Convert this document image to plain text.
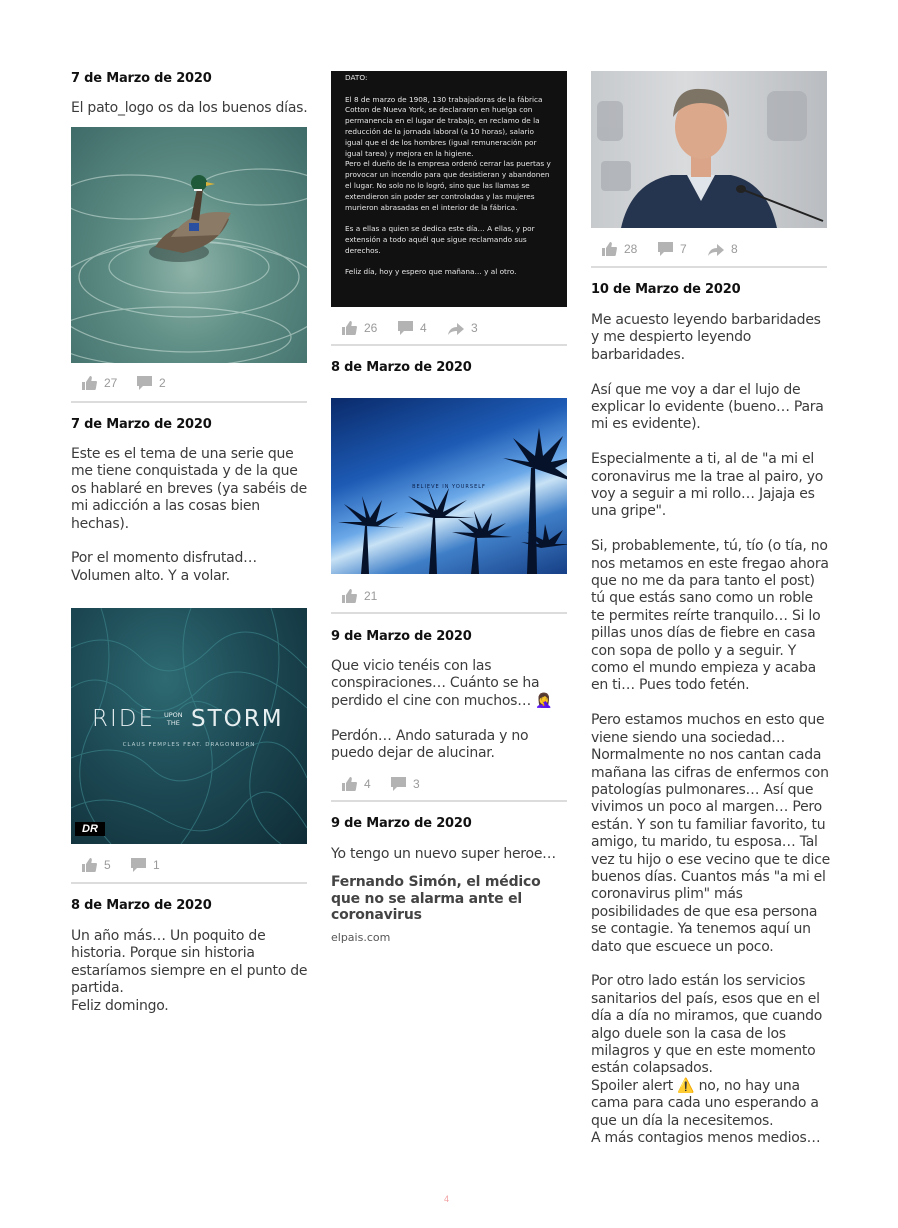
7 de Marzo de 2020

El pato_logo os da los buenos días.

27	2
7 de Marzo de 2020

Este es el tema de una serie que me tiene conquistada y de la que os hablaré en breves (ya sabéis de mi adicción a las cosas bien hechas).

Por el momento disfrutad… Volumen alto. Y a volar.

RIDE UPON
THE STORM
CLAUS FEMPLES FEAT. DRAGONBORN
DR
5	1
8 de Marzo de 2020

Un año más… Un poquito de historia. Porque sin historia estaríamos siempre en el punto de partida.

Feliz domingo.

DATO:

El 8 de marzo de 1908, 130 trabajadoras de la fábrica Cotton de Nueva York, se declararon en huelga con permanencia en el lugar de trabajo, en reclamo de la reducción de la jornada laboral (a 10 horas), salario igual que el de los hombres (igual remuneración por igual tarea) y mejora en la higiene.

Pero el dueño de la empresa ordenó cerrar las puertas y provocar un incendio para que desistieran y abandonen el lugar. No solo no lo logró, sino que las llamas se extendieron sin poder ser controladas y las mujeres murieron abrasadas en el interior de la fábrica.

Es a ellas a quien se dedica este día… A ellas, y por extensión a todo aquél que sigue reclamando sus derechos.

Feliz día, hoy y espero que mañana… y al otro.

26	4	3
8 de Marzo de 2020
BELIEVE IN YOURSELF
21
9 de Marzo de 2020

Que vicio tenéis con las conspiraciones… Cuánto se ha perdido el cine con muchos… 🤦‍♀️

Perdón… Ando saturada y no puedo dejar de alucinar.

4	3
9 de Marzo de 2020

Yo tengo un nuevo super heroe…

Fernando Simón, el médico que no se alarma ante el coronavirus
elpais.com
28	7	8
10 de Marzo de 2020

Me acuesto leyendo barbaridades
y me despierto leyendo
barbaridades.

Así que me voy a dar el lujo de
explicar lo evidente (bueno… Para
mi es evidente).

Especialmente a ti, al de "a mi el
coronavirus me la trae al pairo, yo
voy a seguir a mi rollo… Jajaja es
una gripe".

Si, probablemente, tú, tío (o tía, no
nos metamos en este fregao ahora
que no me da para tanto el post)
tú que estás sano como un roble
te permites reírte tranquilo… Si lo
pillas unos días de fiebre en casa
con sopa de pollo y a seguir. Y
como el mundo empieza y acaba
en ti… Pues todo fetén.

Pero estamos muchos en esto que
viene siendo una sociedad…
Normalmente no nos cantan cada
mañana las cifras de enfermos con
patologías pulmonares… Así que
vivimos un poco al margen… Pero
están. Y son tu familiar favorito, tu
amigo, tu marido, tu esposa… Tal
vez tu hijo o ese vecino que te dice
buenos días. Cuantos más "a mi el
coronavirus plim" más
posibilidades de que esa persona
se contagie. Ya tenemos aquí un
dato que escuece un poco.

Por otro lado están los servicios
sanitarios del país, esos que en el
día a día no miramos, que cuando
algo duele son la casa de los
milagros y que en este momento
están colapsados.
Spoiler alert ⚠️ no, no hay una
cama para cada uno esperando a
que un día la necesitemos.
A más contagios menos medios…

4
